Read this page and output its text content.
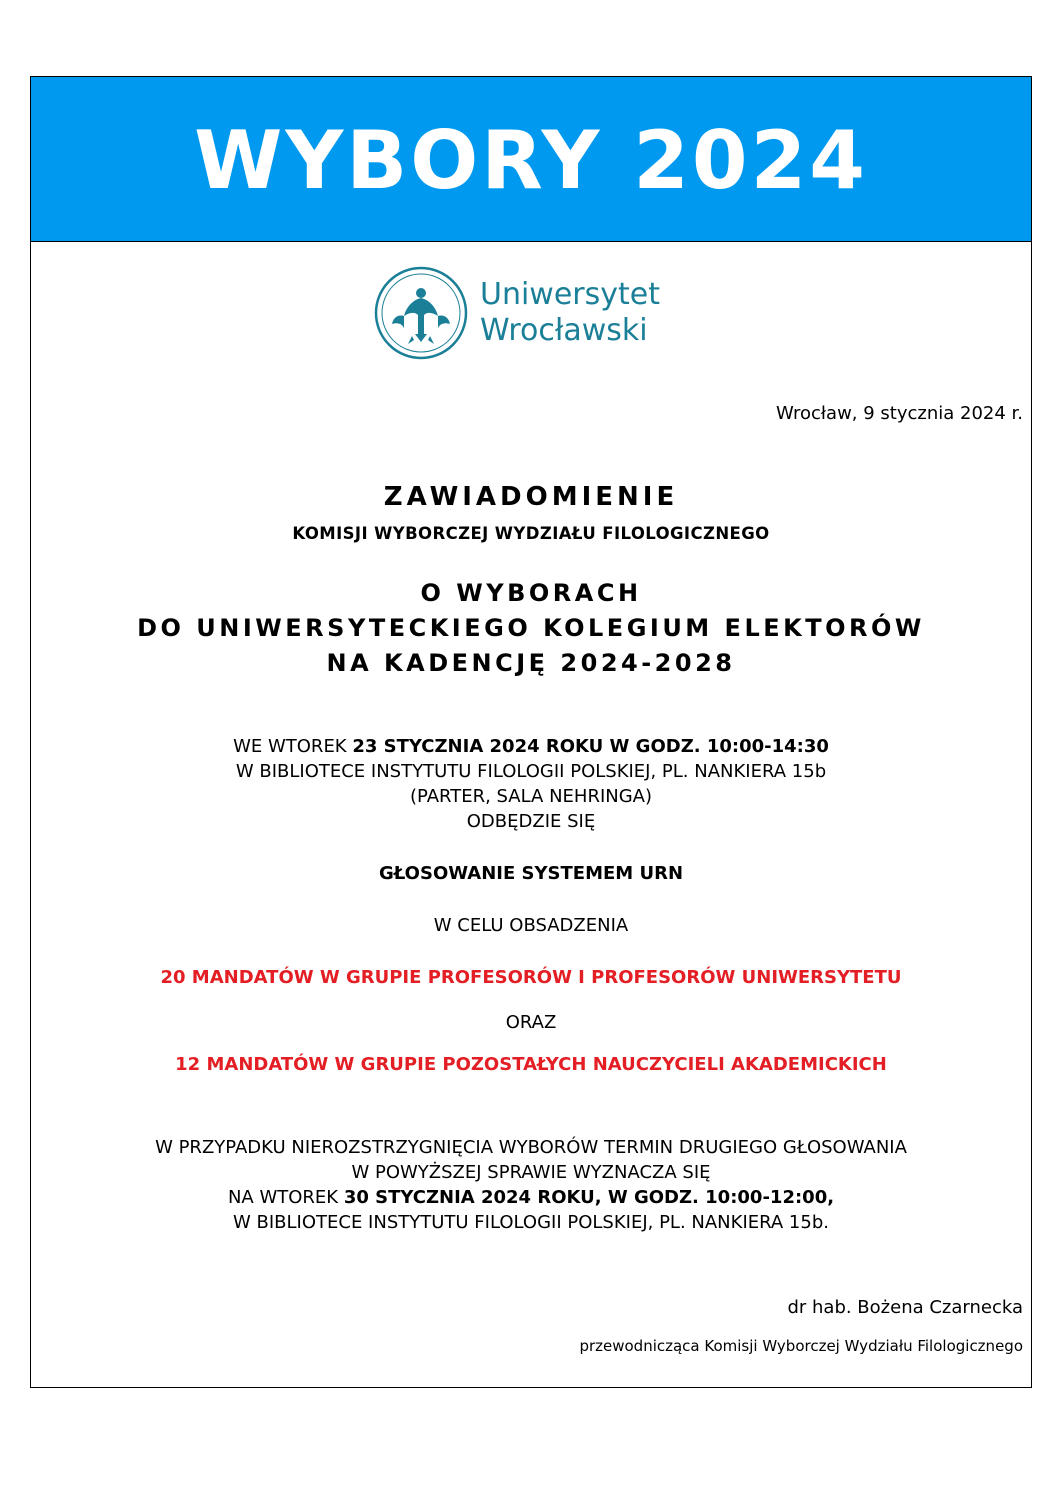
WYBORY 2024
Uniwersytet
Wrocławski
Wrocław, 9 stycznia 2024 r.
ZAWIADOMIENIE
KOMISJI WYBORCZEJ WYDZIAŁU FILOLOGICZNEGO
O WYBORACH
DO UNIWERSYTECKIEGO KOLEGIUM ELEKTORÓW
NA KADENCJĘ 2024-2028
WE WTOREK 23 STYCZNIA 2024 ROKU W GODZ. 10:00-14:30
W BIBLIOTECE INSTYTUTU FILOLOGII POLSKIEJ, PL. NANKIERA 15b
(PARTER, SALA NEHRINGA)
ODBĘDZIE SIĘ
GŁOSOWANIE SYSTEMEM URN
W CELU OBSADZENIA
20 MANDATÓW W GRUPIE PROFESORÓW I PROFESORÓW UNIWERSYTETU
ORAZ
12 MANDATÓW W GRUPIE POZOSTAŁYCH NAUCZYCIELI AKADEMICKICH
W PRZYPADKU NIEROZSTRZYGNIĘCIA WYBORÓW TERMIN DRUGIEGO GŁOSOWANIA
W POWYŻSZEJ SPRAWIE WYZNACZA SIĘ
NA WTOREK 30 STYCZNIA 2024 ROKU, W GODZ. 10:00-12:00,
W BIBLIOTECE INSTYTUTU FILOLOGII POLSKIEJ, PL. NANKIERA 15b.
dr hab. Bożena Czarnecka
przewodnicząca Komisji Wyborczej Wydziału Filologicznego
